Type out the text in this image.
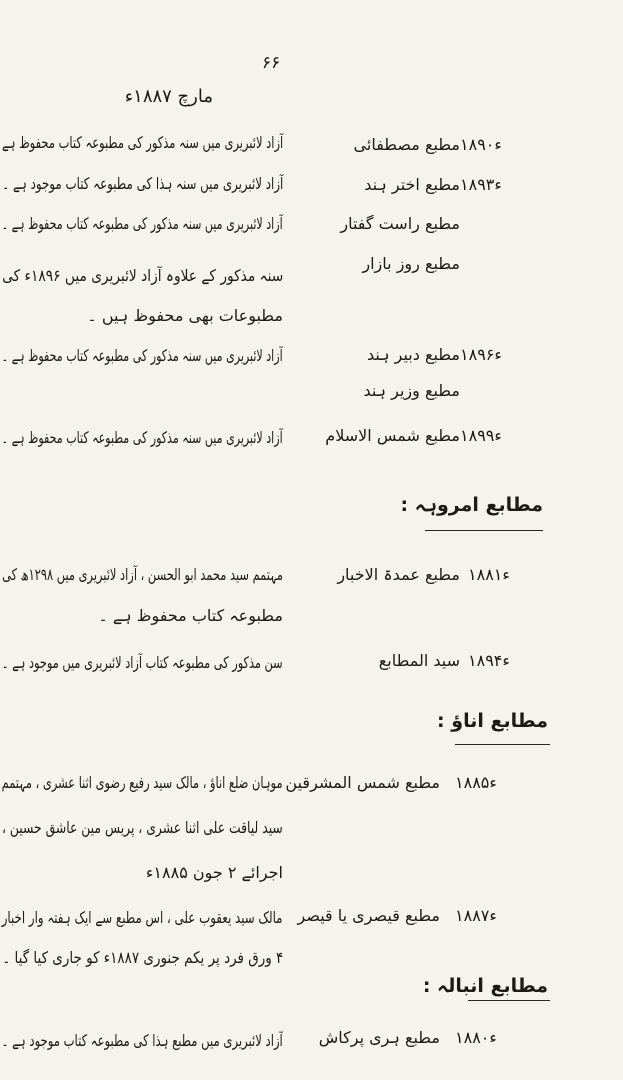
۶۶
مارچ ۱۸۸۷ء
۱۸۹۰ء
مطبع مصطفائی
آزاد لائبریری میں سنہ مذکور کی مطبوعہ کتاب محفوظ ہے
۱۸۹۳ء
مطبع اختر ہند
آزاد لائبریری میں سنہ ہذا کی مطبوعہ کتاب موجود ہے ۔
مطبع راست گفتار
آزاد لائبریری میں سنہ مذکور کی مطبوعہ کتاب محفوظ ہے ۔
مطبع روز بازار
سنہ مذکور کے علاوہ آزاد لائبریری میں ۱۸۹۶ء کی
مطبوعات بھی محفوظ ہیں ۔
۱۸۹۶ء
مطبع دبیر ہند
آزاد لائبریری میں سنہ مذکور کی مطبوعہ کتاب محفوظ ہے ۔
مطبع وزیر ہند
۱۸۹۹ء
مطبع شمس الاسلام
آزاد لائبریری میں سنہ مذکور کی مطبوعہ کتاب محفوظ ہے ۔
مطابع امروہہ :
۱۸۸۱ء
مطبع عمدۃ الاخبار
مہتمم سید محمد ابو الحسن ، آزاد لائبریری میں ۱۲۹۸ھ کی
مطبوعہ کتاب محفوظ ہے ۔
۱۸۹۴ء
سید المطابع
سن مذکور کی مطبوعہ کتاب آزاد لائبریری میں موجود ہے ۔
مطابع اناؤ :
۱۸۸۵ء
مطبع شمس المشرقین
موہان ضلع اناؤ ، مالک سید رفیع رضوی اثنا عشری ، مہتمم
سید لیاقت علی اثنا عشری ، پریس مین عاشق حسین ،
اجرائے ۲ جون ۱۸۸۵ء
۱۸۸۷ء
مطبع قیصری یا قیصر
مالک سید یعقوب علی ، اس مطبع سے ایک ہفتہ وار اخبار
۴ ورق فرد پر یکم جنوری ۱۸۸۷ء کو جاری کیا گیا ۔
مطابع انبالہ :
۱۸۸۰ء
مطبع ہری پرکاش
آزاد لائبریری میں مطبع ہذا کی مطبوعہ کتاب موجود ہے ۔
